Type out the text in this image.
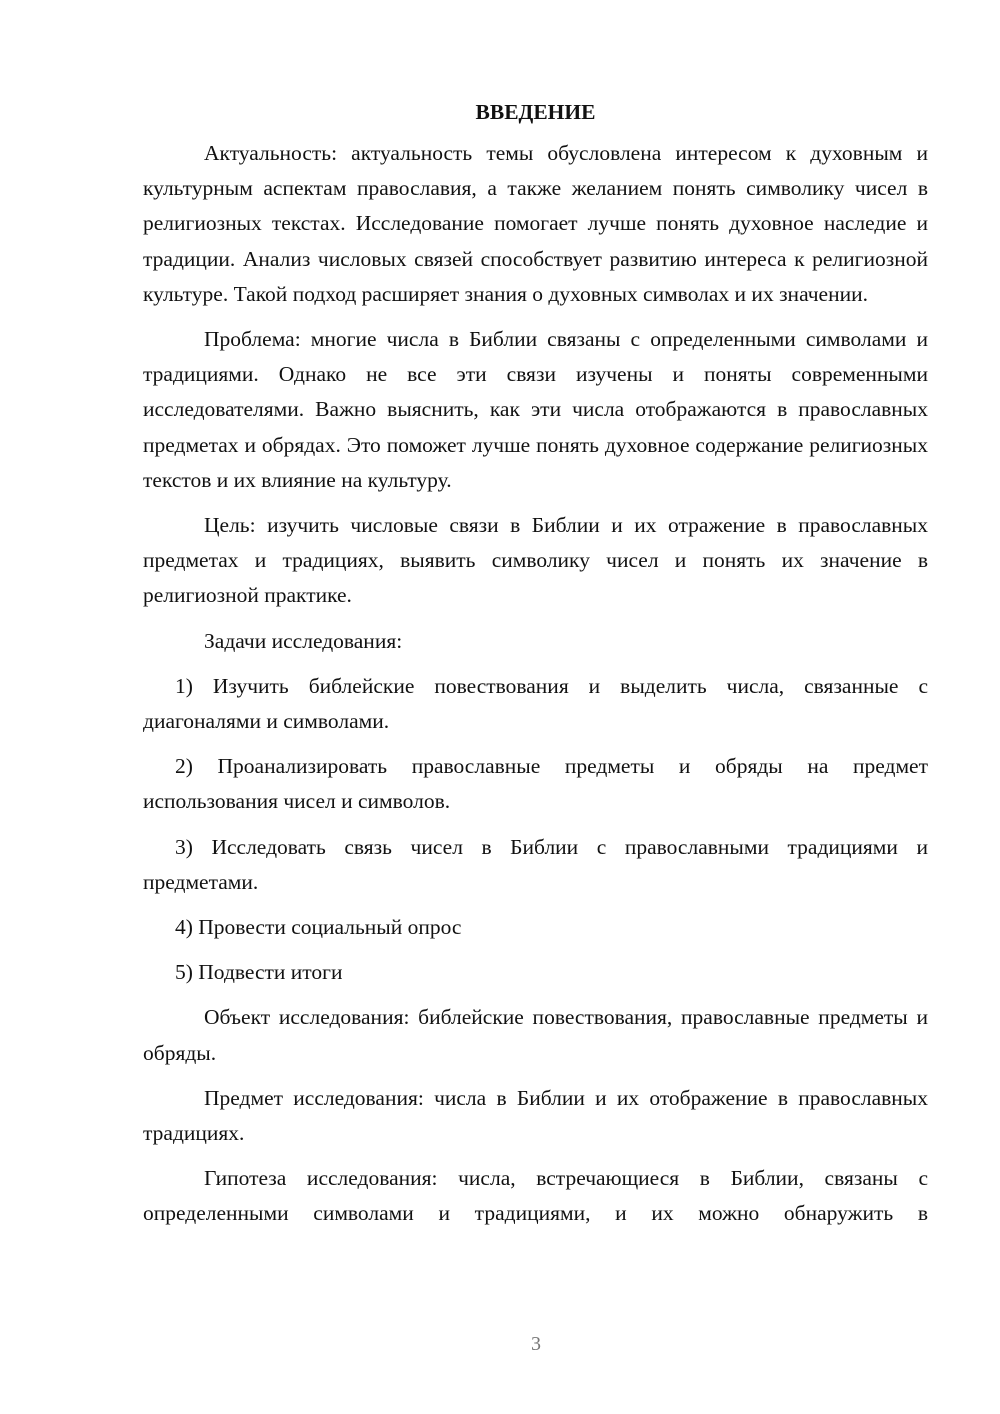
ВВЕДЕНИЕ
Актуальность: актуальность темы обусловлена интересом к духовным и культурным аспектам православия, а также желанием понять символику чисел в религиозных текстах. Исследование помогает лучше понять духовное наследие и традиции. Анализ числовых связей способствует развитию интереса к религиозной культуре. Такой подход расширяет знания о духовных символах и их значении.
Проблема: многие числа в Библии связаны с определенными символами и традициями. Однако не все эти связи изучены и поняты современными исследователями. Важно выяснить, как эти числа отображаются в православных предметах и обрядах. Это поможет лучше понять духовное содержание религиозных текстов и их влияние на культуру.
Цель: изучить числовые связи в Библии и их отражение в православных предметах и традициях, выявить символику чисел и понять их значение в религиозной практике.
Задачи исследования:
1) Изучить библейские повествования и выделить числа, связанные с диагоналями и символами.
2) Проанализировать православные предметы и обряды на предмет использования чисел и символов.
3) Исследовать связь чисел в Библии с православными традициями и предметами.
4) Провести социальный опрос
5) Подвести итоги
Объект исследования: библейские повествования, православные предметы и обряды.
Предмет исследования: числа в Библии и их отображение в православных традициях.
Гипотеза исследования: числа, встречающиеся в Библии, связаны с определенными символами и традициями, и их можно обнаружить в
3
